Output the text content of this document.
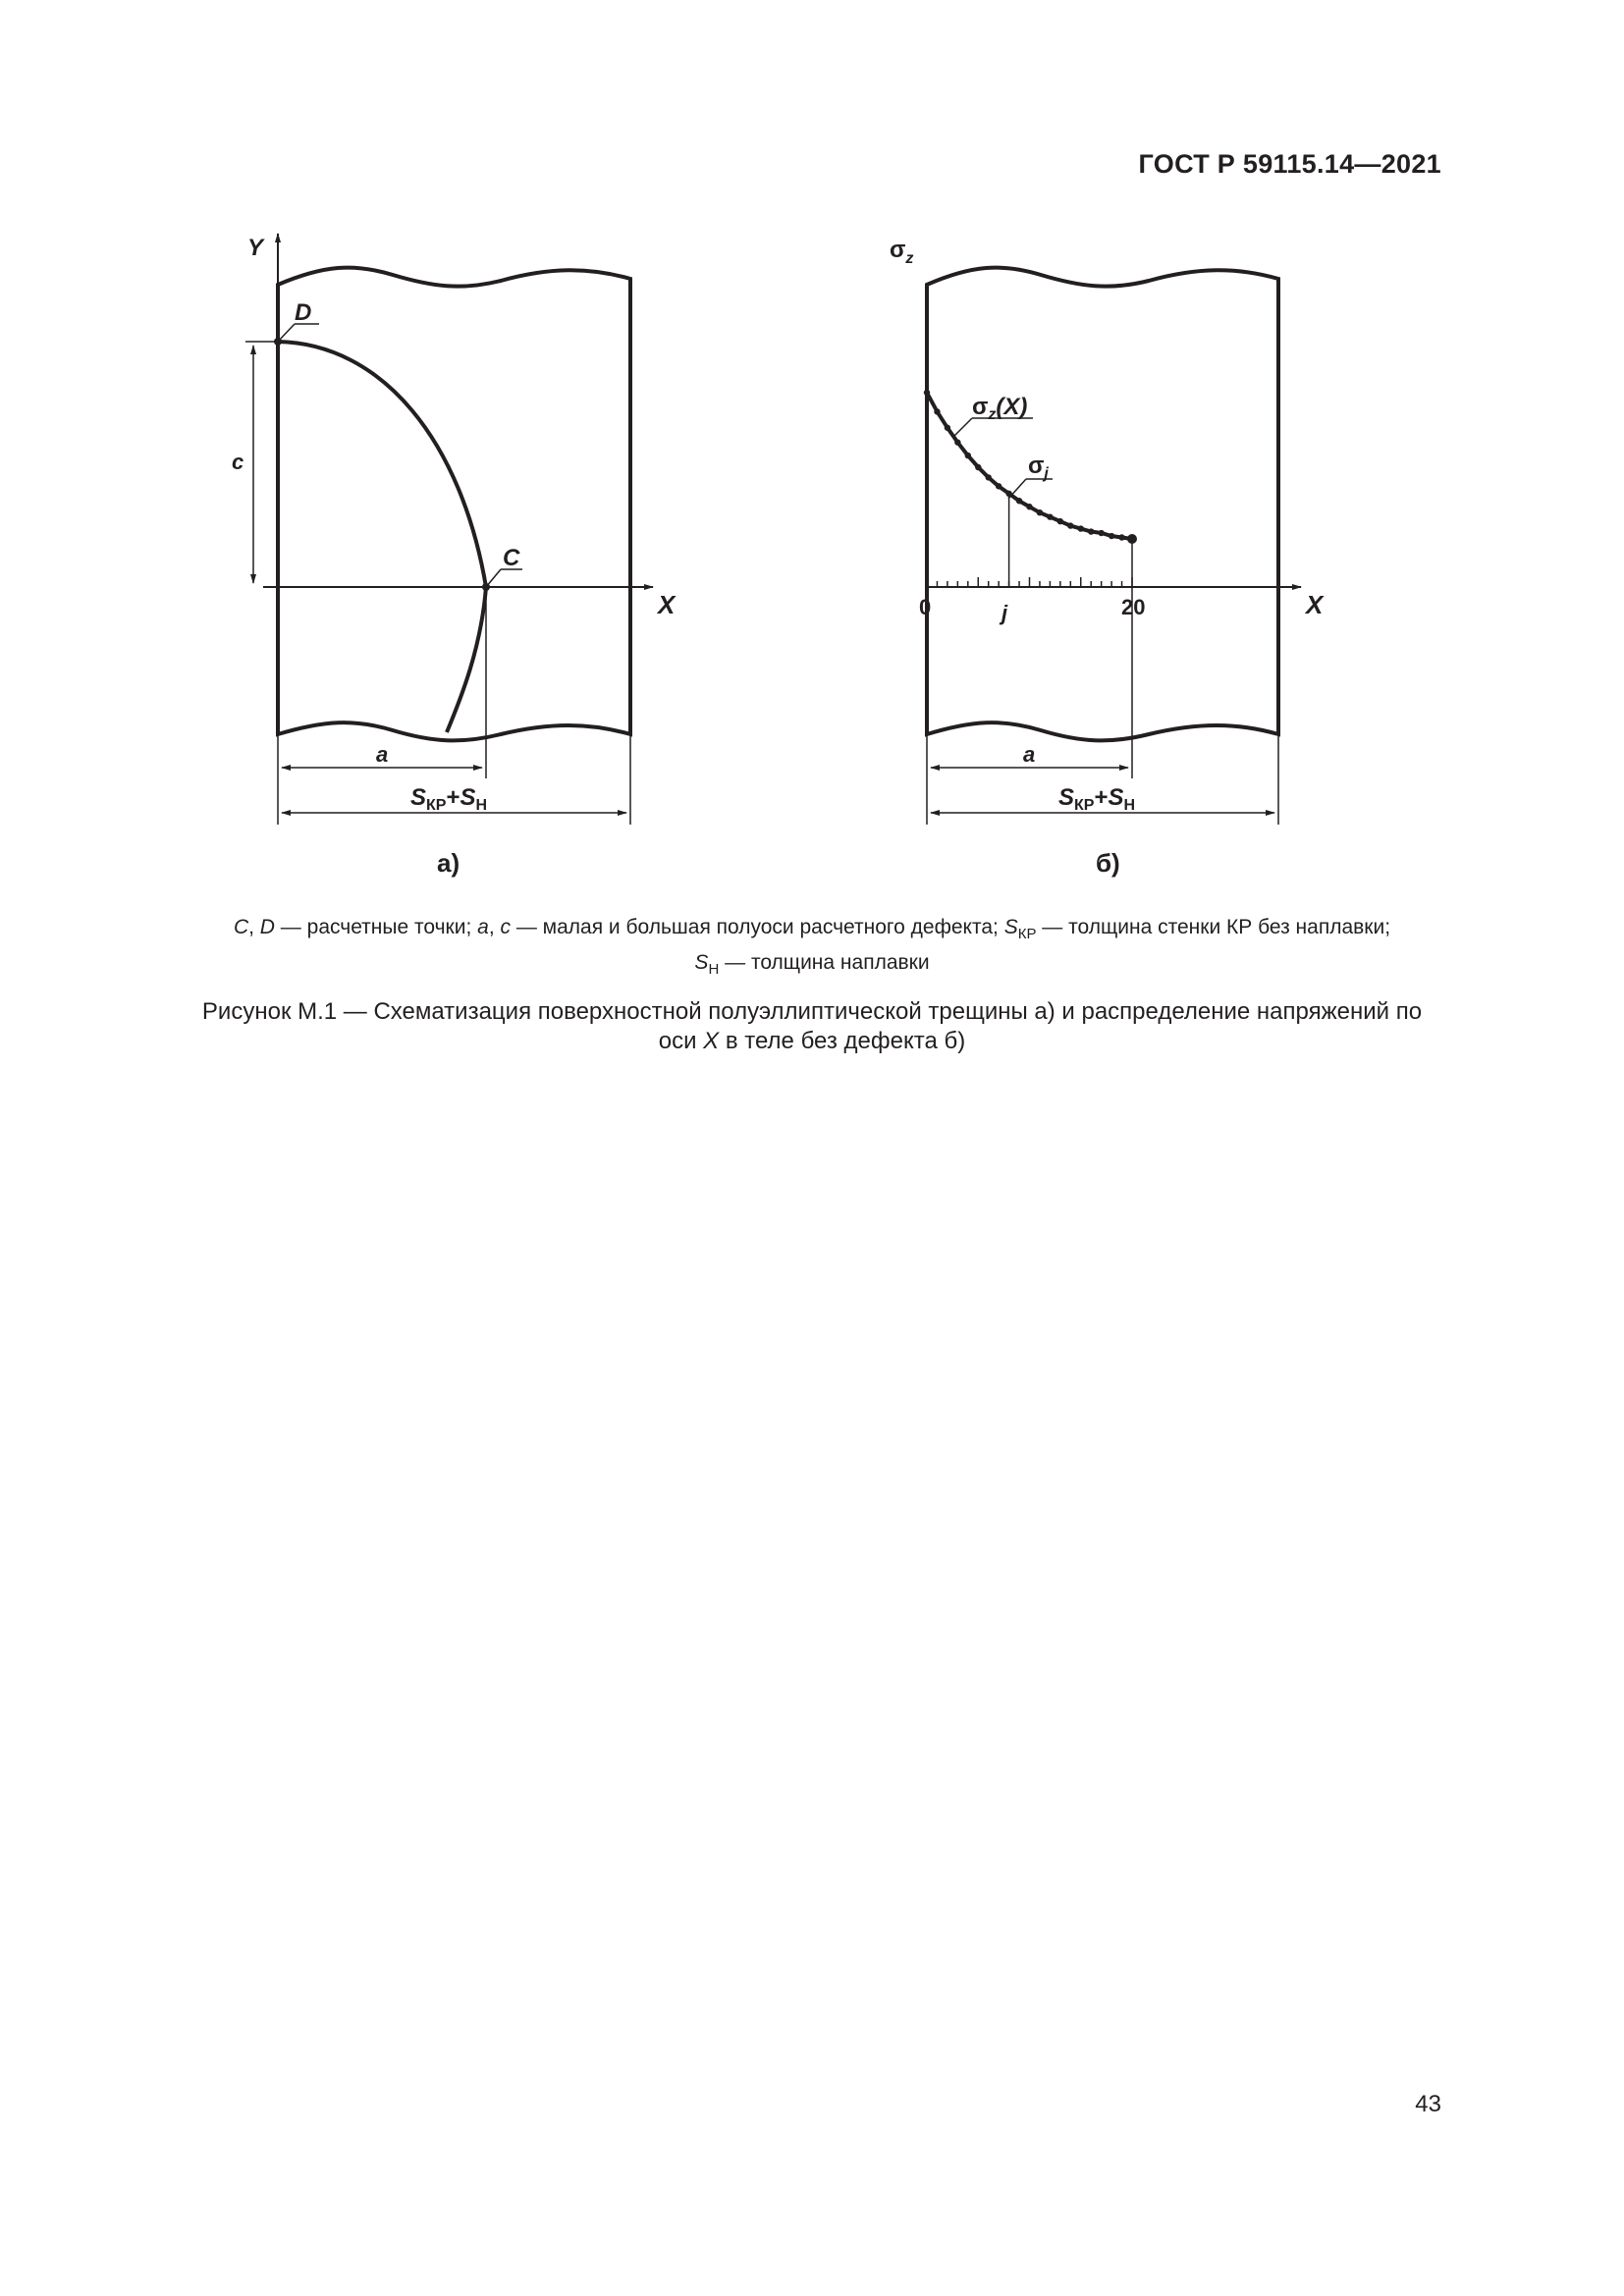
ГОСТ Р 59115.14—2021
Y
X
D
C
c
a
$S_{КР}+S_Н$
а)
$\sigma_z$
X
0	j	20
$\sigma_z(X)$
$\sigma_j$
a
$S_{КР}+S_Н$
б)
C, D — расчетные точки; a, c — малая и большая полуоси расчетного дефекта; $S_{КР}$ — толщина стенки КР без наплавки;
$S_Н$ — толщина наплавки
Рисунок М.1 — Схематизация поверхностной полуэллиптической трещины а) и распределение напряжений по
оси X в теле без дефекта б)
43
